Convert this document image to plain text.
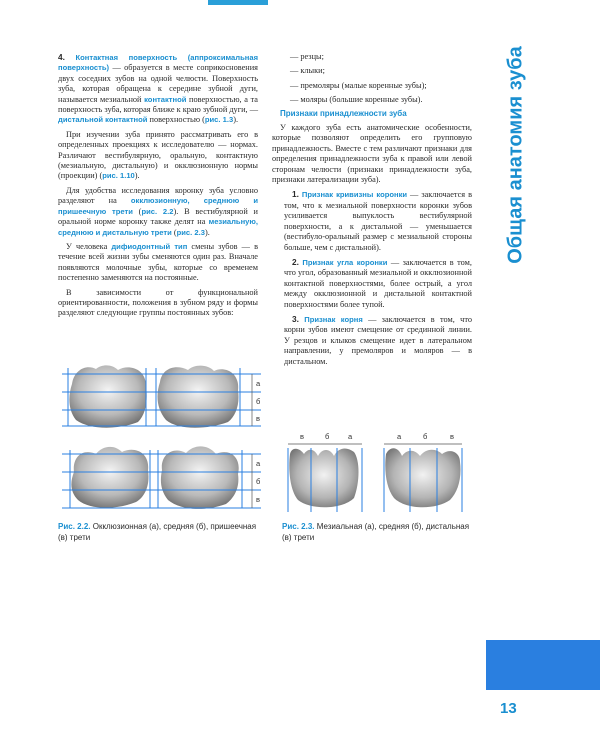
4. Контактная поверхность (аппроксимальная поверхность) — образуется в месте соприкосновения двух соседних зубов на одной челюсти. Поверхность зуба, которая обращена к середине зубной дуги, называется мезиальной контактной поверхностью, а та поверхность зуба, которая ближе к краю зубной дуги, — дистальной контактной поверхностью (рис. 1.3).

При изучении зуба принято рассматривать его в определенных проекциях к исследователю — нормах. Различают вестибулярную, оральную, контактную (мезиальную, дистальную) и окклюзионную нормы (проекции) (рис. 1.10).

Для удобства исследования коронку зуба условно разделяют на окклюзионную, среднюю и пришеечную трети (рис. 2.2). В вестибулярной и оральной норме коронку также делят на мезиальную, среднюю и дистальную трети (рис. 2.3).

У человека дифиодонтный тип смены зубов — в течение всей жизни зубы сменяются один раз. Вначале появляются молочные зубы, которые со временем постепенно заменяются на постоянные.

В зависимости от функциональной ориентированности, положения в зубном ряду и формы разделяют следующие группы постоянных зубов:

— резцы;

— клыки;

— премоляры (малые коренные зубы);

— моляры (большие коренные зубы).

Признаки принадлежности зуба

У каждого зуба есть анатомические особенности, которые позволяют определить его групповую принадлежность. Вместе с тем различают признаки для определения принадлежности зуба к правой или левой сторонам челюсти (признаки принадлежности зуба, признаки латерализации зуба).

1. Признак кривизны коронки — заключается в том, что к мезиальной поверхности коронки зубов усиливается выпуклость вестибулярной поверхности, а к дистальной — уменьшается (вестибуло-оральный размер с мезиальной стороны больше, чем с дистальной).

2. Признак угла коронки — заключается в том, что угол, образованный мезиальной и окклюзионной контактной поверхностями, более острый, а угол между окклюзионной и дистальной контактной поверхностями более тупой.

3. Признак корня — заключается в том, что корни зубов имеют смещение от срединной линии. У резцов и клыков смещение идет в латеральном направлении, у премоляров и моляров — в дистальном.

Общая анатомия зуба
а
б
в
а
б
в
Рис. 2.2. Окклюзионная (а), средняя (б), пришеечная (в) трети
в	б а	а	б	в
Рис. 2.3. Мезиальная (а), средняя (б), дистальная (в) трети
13
